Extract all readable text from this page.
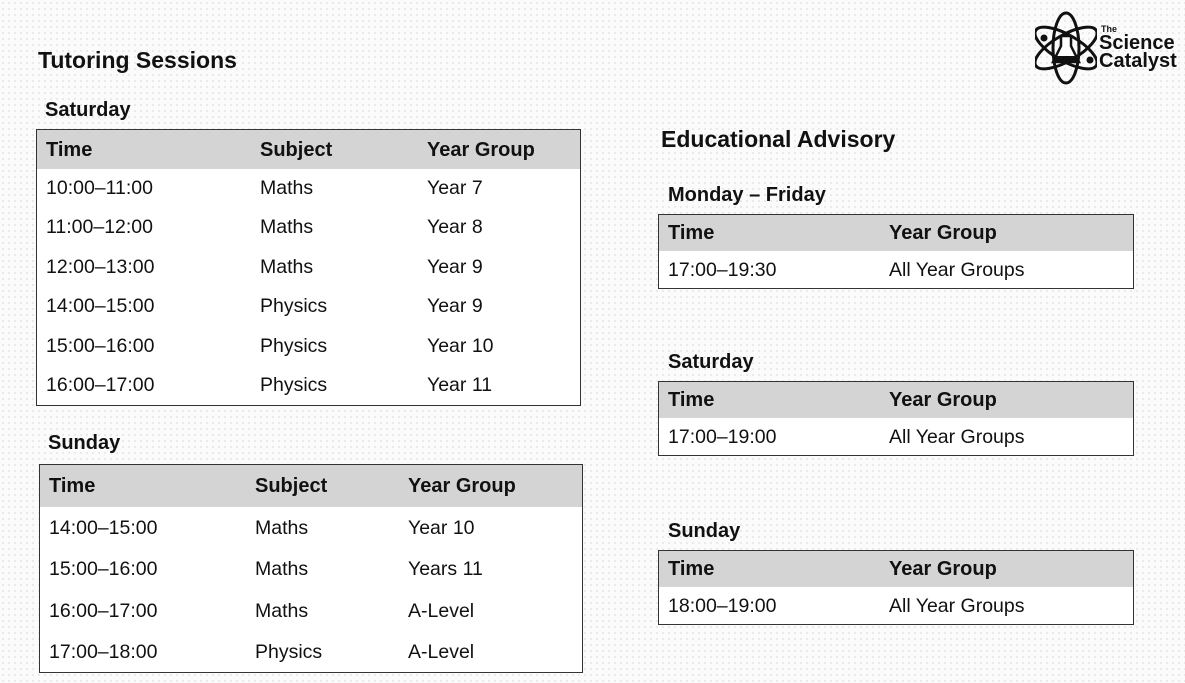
The
Science
Catalyst
Tutoring Sessions
Saturday
Time	Subject	Year Group
10:00–11:00	Maths	Year 7
11:00–12:00	Maths	Year 8
12:00–13:00	Maths	Year 9
14:00–15:00	Physics	Year 9
15:00–16:00	Physics	Year 10
16:00–17:00	Physics	Year 11
Sunday
Time	Subject	Year Group
14:00–15:00	Maths	Year 10
15:00–16:00	Maths	Years 11
16:00–17:00	Maths	A-Level
17:00–18:00	Physics	A-Level
Educational Advisory
Monday – Friday
Time	Year Group
17:00–19:30	All Year Groups
Saturday
Time	Year Group
17:00–19:00	All Year Groups
Sunday
Time	Year Group
18:00–19:00	All Year Groups
